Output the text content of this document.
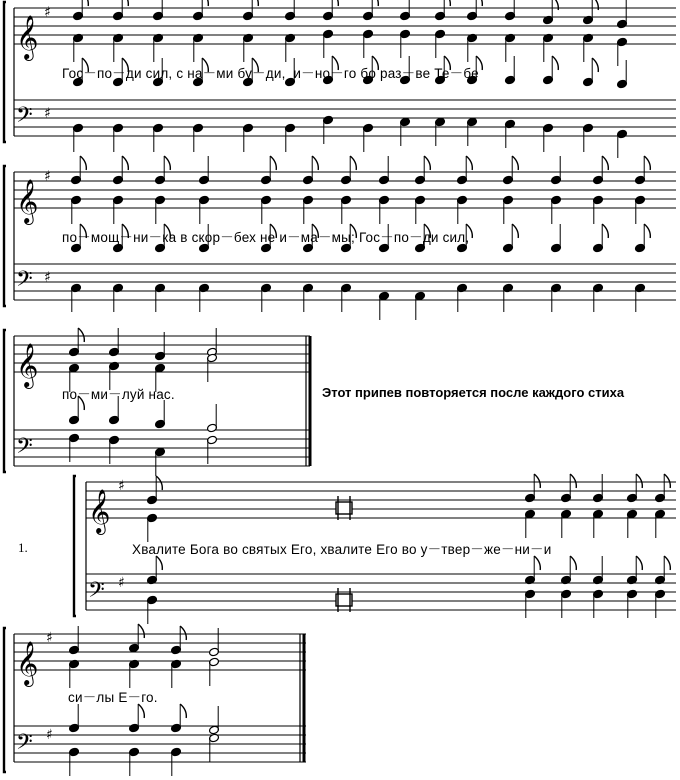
𝄞
𝄢
♯
♯
𝄞
𝄢
♯
♯
𝄞
𝄢
𝄞
𝄢
♯
♯
𝄞
𝄢
♯
♯
Гос－по－ди сил, с на－ми бу－ди,  и－но－го бо раз－ве Те－бе
по－мощ－ни－ка в скор－бех не и－ма－мы; Гос－по－ди сил,
по－ми－луй нас.	Этот припев повторяется после каждого стиха
1.	Хвалите Бога во святых Его, хвалите Его во у－твер－же－ни－и
си－лы Е－го.
